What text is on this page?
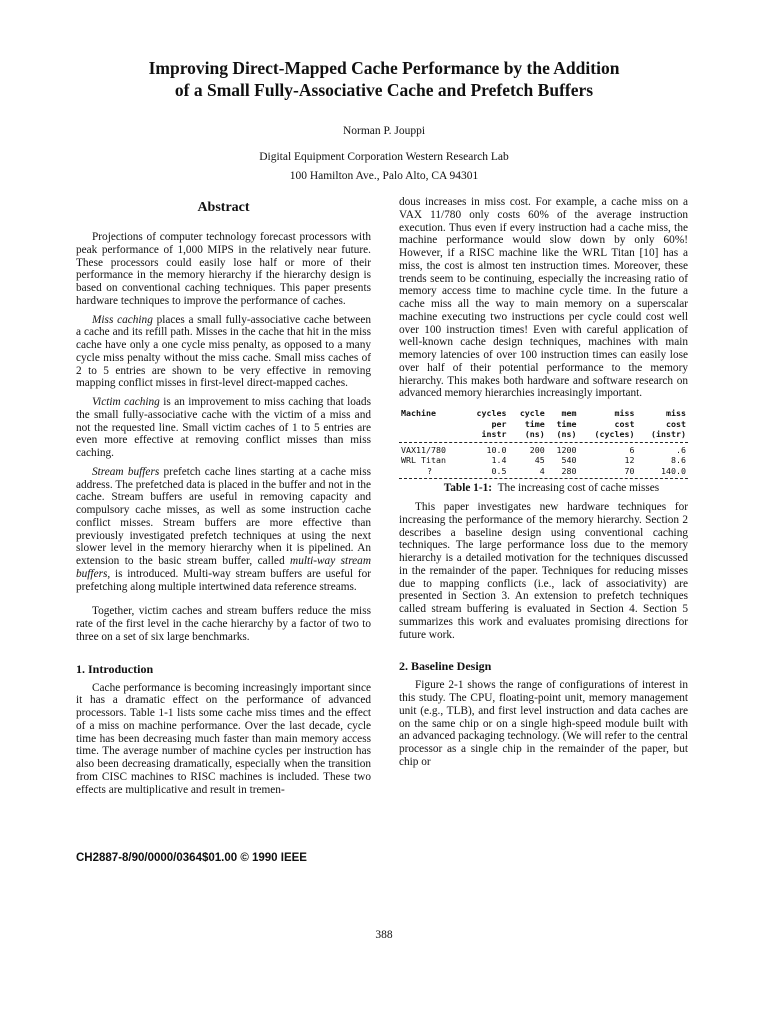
Improving Direct-Mapped Cache Performance by the Addition
of a Small Fully-Associative Cache and Prefetch Buffers

Norman P. Jouppi

Digital Equipment Corporation Western Research Lab

100 Hamilton Ave., Palo Alto, CA 94301

Abstract

Projections of computer technology forecast processors with peak performance of 1,000 MIPS in the relatively near future. These processors could easily lose half or more of their performance in the memory hierarchy if the hierarchy design is based on conventional caching techniques. This paper presents hardware techniques to improve the performance of caches.

Miss caching places a small fully-associative cache between a cache and its refill path. Misses in the cache that hit in the miss cache have only a one cycle miss penalty, as opposed to a many cycle miss penalty without the miss cache. Small miss caches of 2 to 5 entries are shown to be very effective in removing mapping conflict misses in first-level direct-mapped caches.

Victim caching is an improvement to miss caching that loads the small fully-associative cache with the victim of a miss and not the requested line. Small victim caches of 1 to 5 entries are even more effective at removing conflict misses than miss caching.

Stream buffers prefetch cache lines starting at a cache miss address. The prefetched data is placed in the buffer and not in the cache. Stream buffers are useful in removing capacity and compulsory cache misses, as well as some instruction cache conflict misses. Stream buffers are more effective than previously investigated prefetch techniques at using the next slower level in the memory hierarchy when it is pipelined. An extension to the basic stream buffer, called multi-way stream buffers, is introduced. Multi-way stream buffers are useful for prefetching along multiple intertwined data reference streams.

Together, victim caches and stream buffers reduce the miss rate of the first level in the cache hierarchy by a factor of two to three on a set of six large benchmarks.

1. Introduction

Cache performance is becoming increasingly important since it has a dramatic effect on the performance of advanced processors. Table 1-1 lists some cache miss times and the effect of a miss on machine performance. Over the last decade, cycle time has been decreasing much faster than main memory access time. The average number of machine cycles per instruction has also been decreasing dramatically, especially when the transition from CISC machines to RISC machines is included. These two effects are multiplicative and result in tremen-

dous increases in miss cost. For example, a cache miss on a VAX 11/780 only costs 60% of the average instruction execution. Thus even if every instruction had a cache miss, the machine performance would slow down by only 60%! However, if a RISC machine like the WRL Titan [10] has a miss, the cost is almost ten instruction times. Moreover, these trends seem to be continuing, especially the increasing ratio of memory access time to machine cycle time. In the future a cache miss all the way to main memory on a superscalar machine executing two instructions per cycle could cost well over 100 instruction times! Even with careful application of well-known cache design techniques, machines with main memory latencies of over 100 instruction times can easily lose over half of their potential performance to the memory hierarchy. This makes both hardware and software research on advanced memory hierarchies increasingly important.

Machine	cycles	cycle	mem	miss	miss
	per	time	time	cost	cost
	instr	(ns)	(ns)	(cycles)	(instr)

VAX11/780	10.0	200	1200	6	.6
WRL Titan	1.4	45	540	12	8.6
?	0.5	4	280	70	140.0

Table 1-1: The increasing cost of cache misses

This paper investigates new hardware techniques for increasing the performance of the memory hierarchy. Section 2 describes a baseline design using conventional caching techniques. The large performance loss due to the memory hierarchy is a detailed motivation for the techniques discussed in the remainder of the paper. Techniques for reducing misses due to mapping conflicts (i.e., lack of associativity) are presented in Section 3. An extension to prefetch techniques called stream buffering is evaluated in Section 4. Section 5 summarizes this work and evaluates promising directions for future work.

2. Baseline Design

Figure 2-1 shows the range of configurations of interest in this study. The CPU, floating-point unit, memory management unit (e.g., TLB), and first level instruction and data caches are on the same chip or on a single high-speed module built with an advanced packaging technology. (We will refer to the central processor as a single chip in the remainder of the paper, but chip or

CH2887-8/90/0000/0364$01.00 © 1990 IEEE
388
